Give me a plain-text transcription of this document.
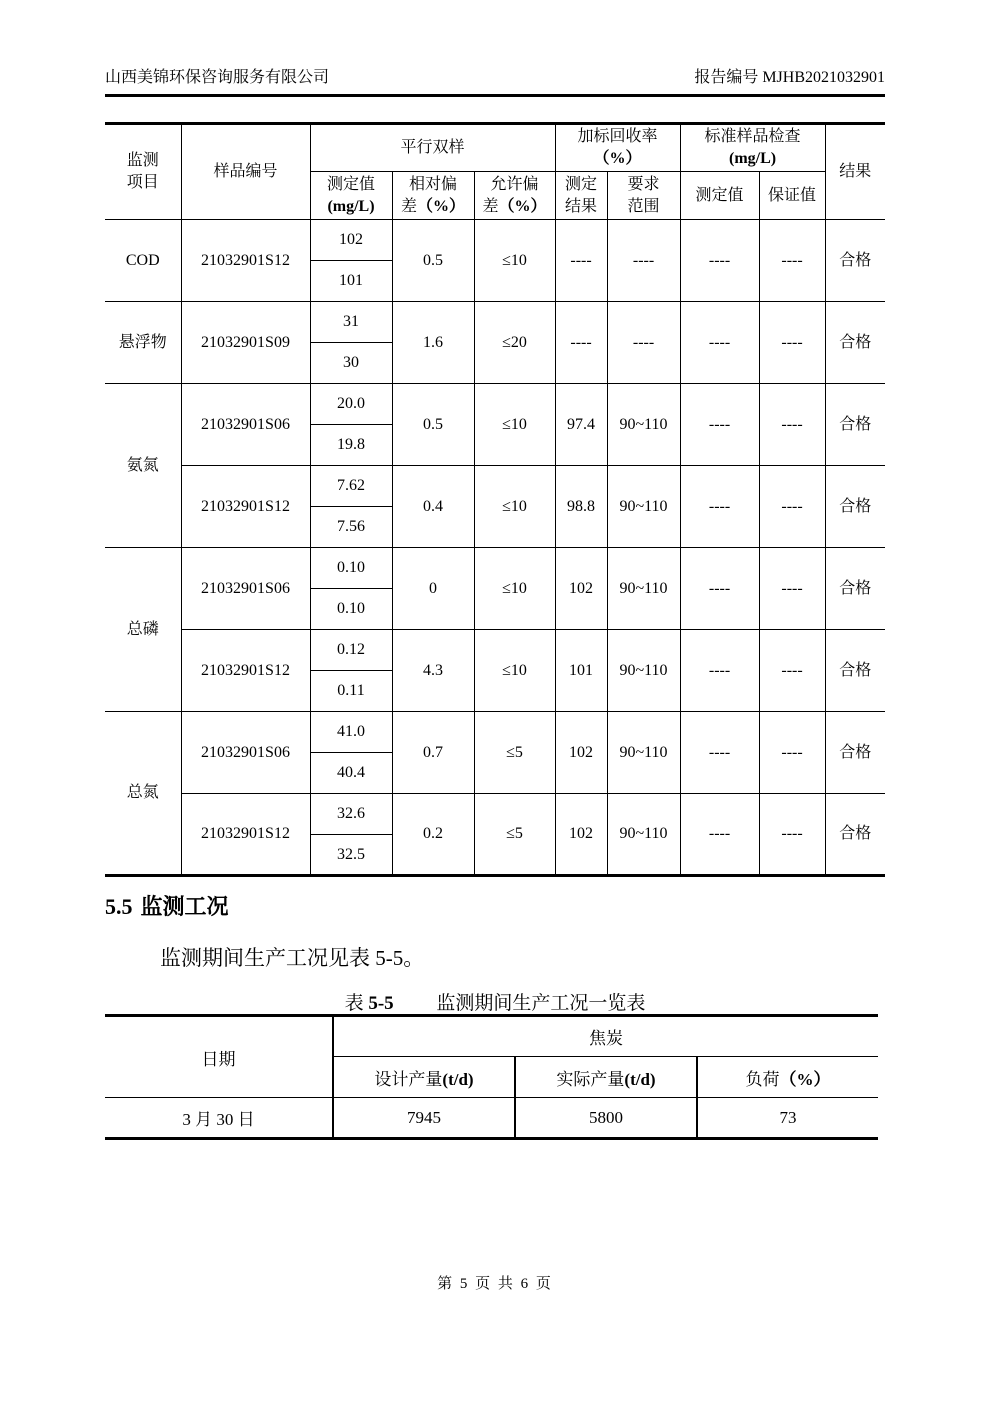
山西美锦环保咨询服务有限公司	报告编号 MJHB2021032901
监测
项目	样品编号	平行双样			加标回收率
（%）		标准样品检查
(mg/L)		结果

		测定值
(mg/L)	相对偏
差（%）	允许偏
差（%）	测定
结果	要求
范围	测定值	保证值	
COD	21032901S12	102	0.5	≤10	----	----	----	----	合格
		101							
悬浮物	21032901S09	31	1.6	≤20	----	----	----	----	合格
		30							
氨氮	21032901S06	20.0	0.5	≤10	97.4	90~110	----	----	合格
		19.8							
	21032901S12	7.62	0.4	≤10	98.8	90~110	----	----	合格
		7.56							
总磷	21032901S06	0.10	0	≤10	102	90~110	----	----	合格
		0.10							
	21032901S12	0.12	4.3	≤10	101	90~110	----	----	合格
		0.11							
总氮	21032901S06	41.0	0.7	≤5	102	90~110	----	----	合格
		40.4							
	21032901S12	32.6	0.2	≤5	102	90~110	----	----	合格
		32.5							
5.5 监测工况
监测期间生产工况见表 5-5。
表 5-5 监测期间生产工况一览表
日期	焦炭		
	设计产量(t/d)	实际产量(t/d)	负荷（%）
3 月 30 日	7945	5800	73
第 5 页 共 6 页
